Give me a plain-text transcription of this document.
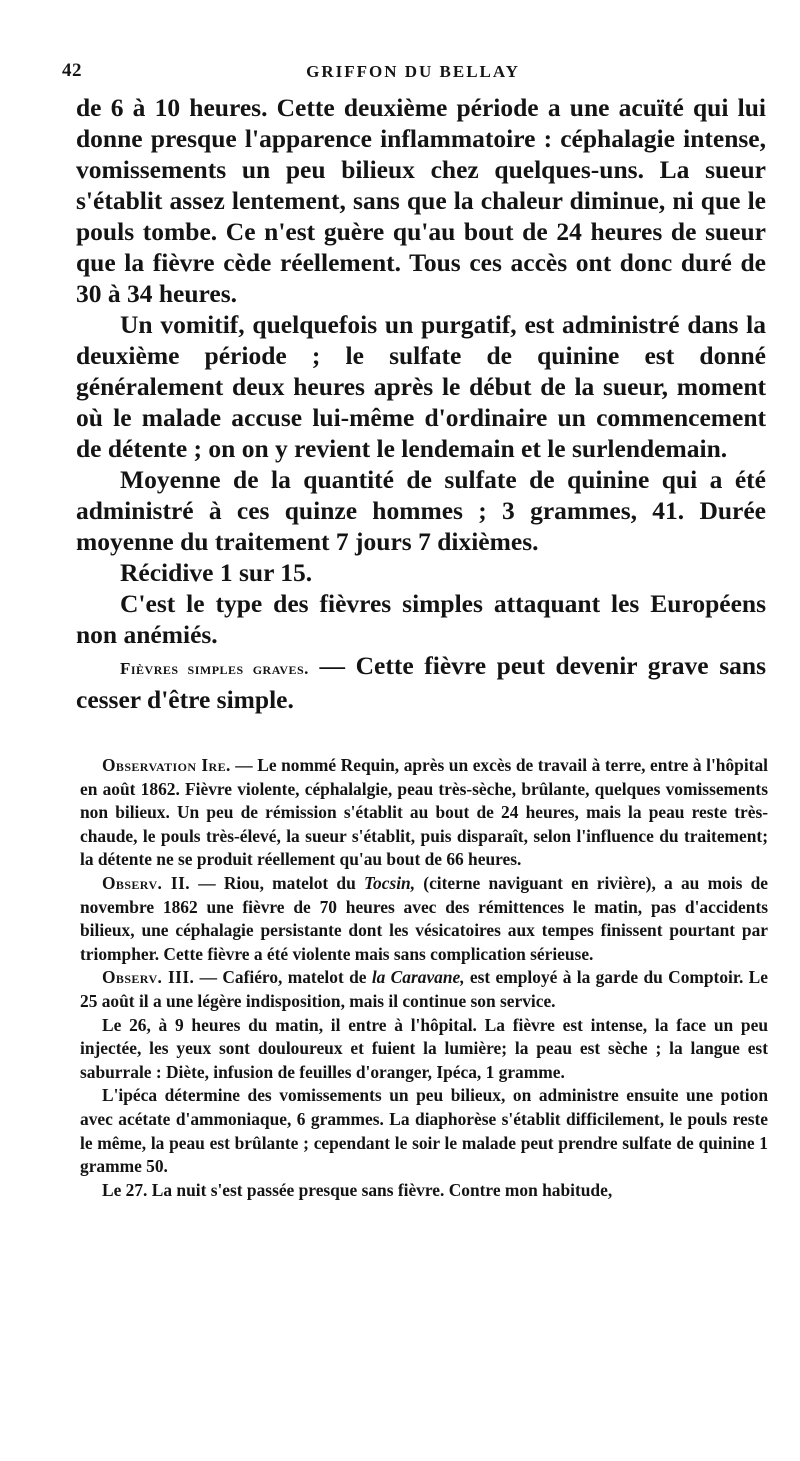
42	GRIFFON DU BELLAY

de 6 à 10 heures. Cette deuxième période a une acuïté qui lui donne presque l'apparence inflammatoire : céphalagie intense, vomissements un peu bilieux chez quelques-uns. La sueur s'établit assez lentement, sans que la chaleur diminue, ni que le pouls tombe. Ce n'est guère qu'au bout de 24 heures de sueur que la fièvre cède réellement. Tous ces accès ont donc duré de 30 à 34 heures.

Un vomitif, quelquefois un purgatif, est administré dans la deuxième période ; le sulfate de quinine est donné généralement deux heures après le début de la sueur, moment où le malade accuse lui-même d'ordinaire un commencement de détente ; on on y revient le lendemain et le surlendemain.

Moyenne de la quantité de sulfate de quinine qui a été administré à ces quinze hommes ; 3 grammes, 41. Durée moyenne du traitement 7 jours 7 dixièmes.

Récidive 1 sur 15.

C'est le type des fièvres simples attaquant les Européens non anémiés.

Fièvres simples graves. — Cette fièvre peut devenir grave sans cesser d'être simple.

Observation Ire. — Le nommé Requin, après un excès de travail à terre, entre à l'hôpital en août 1862. Fièvre violente, céphalalgie, peau très-sèche, brûlante, quelques vomissements non bilieux. Un peu de rémission s'établit au bout de 24 heures, mais la peau reste très-chaude, le pouls très-élevé, la sueur s'établit, puis disparaît, selon l'influence du traitement; la détente ne se produit réellement qu'au bout de 66 heures.

Observ. II. — Riou, matelot du Tocsin, (citerne naviguant en rivière), a au mois de novembre 1862 une fièvre de 70 heures avec des rémittences le matin, pas d'accidents bilieux, une céphalagie persistante dont les vésicatoires aux tempes finissent pourtant par triompher. Cette fièvre a été violente mais sans complication sérieuse.

Observ. III. — Cafiéro, matelot de la Caravane, est employé à la garde du Comptoir. Le 25 août il a une légère indisposition, mais il continue son service.

Le 26, à 9 heures du matin, il entre à l'hôpital. La fièvre est intense, la face un peu injectée, les yeux sont douloureux et fuient la lumière; la peau est sèche ; la langue est saburrale : Diète, infusion de feuilles d'oranger, Ipéca, 1 gramme.

L'ipéca détermine des vomissements un peu bilieux, on administre ensuite une potion avec acétate d'ammoniaque, 6 grammes. La diaphorèse s'établit difficilement, le pouls reste le même, la peau est brûlante ; cependant le soir le malade peut prendre sulfate de quinine 1 gramme 50.

Le 27. La nuit s'est passée presque sans fièvre. Contre mon habitude,
